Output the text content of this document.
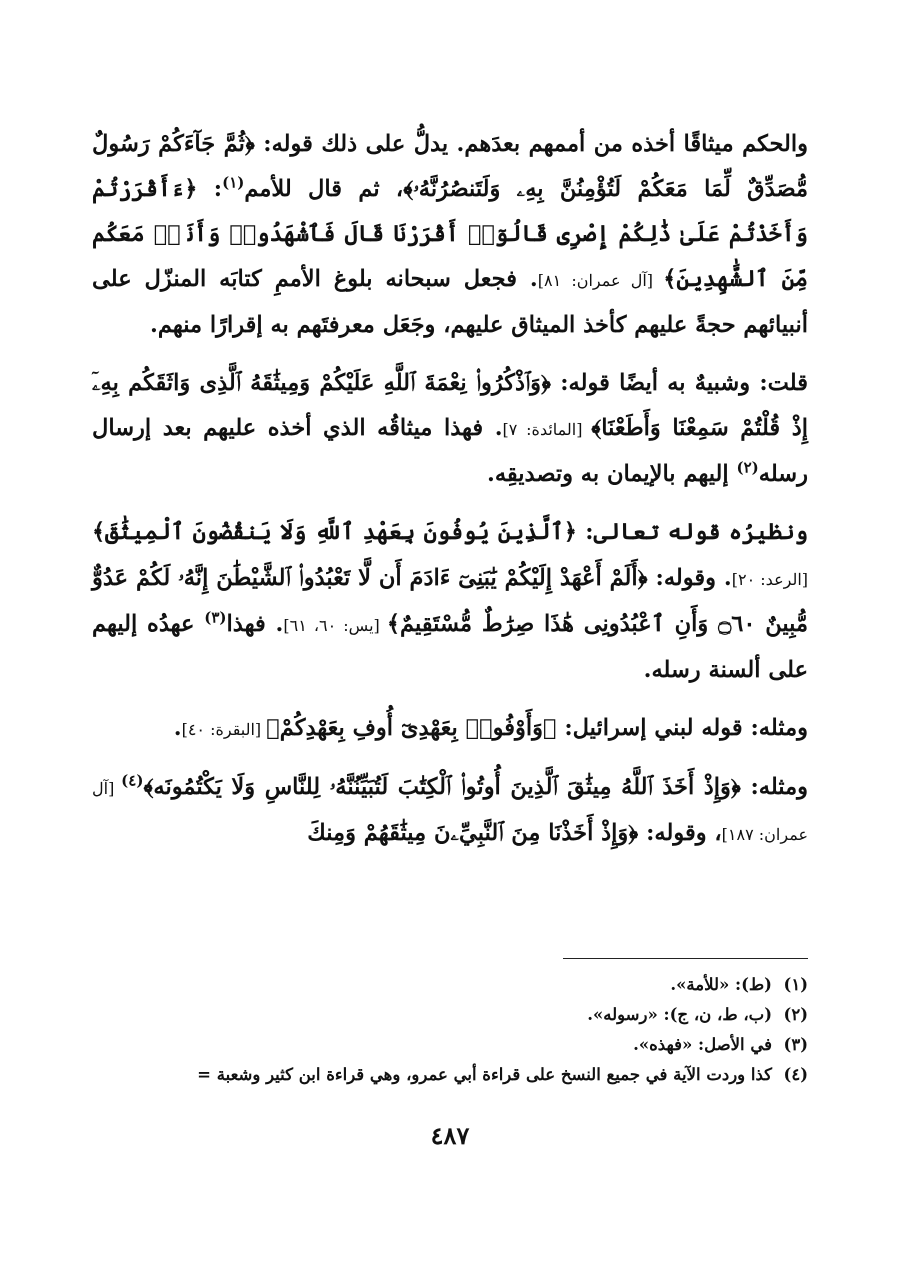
والحكم ميثاقًا أخذه من أممهم بعدَهم. يدلُّ على ذلك قوله: ﴿ثُمَّ جَآءَكُمْ رَسُولٌ مُّصَدِّقٌ لِّمَا مَعَكُمْ لَتُؤْمِنُنَّ بِهِۦ وَلَتَنصُرُنَّهُۥ﴾، ثم قال للأمم$^{(١)}$: ﴿ءَأَقْرَرْتُمْ وَأَخَذْتُمْ عَلَىٰ ذَٰلِكُمْ إِصْرِى قَالُوٓا۟ أَقْرَرْنَا قَالَ فَٱشْهَدُوا۟ وَأَنَا۠ مَعَكُم مِّنَ ٱلشَّٰهِدِينَ﴾ [آل عمران: ٨١]. فجعل سبحانه بلوغ الأممِ كتابَه المنزّل على أنبيائهم حجةً عليهم كأخذ الميثاق عليهم، وجَعَل معرفتَهم به إقرارًا منهم.

قلت: وشبيهٌ به أيضًا قوله: ﴿وَٱذْكُرُوا۟ نِعْمَةَ ٱللَّهِ عَلَيْكُمْ وَمِيثَٰقَهُ ٱلَّذِى وَاثَقَكُم بِهِۦٓ إِذْ قُلْتُمْ سَمِعْنَا وَأَطَعْنَا﴾ [المائدة: ٧]. فهذا ميثاقُه الذي أخذه عليهم بعد إرسال رسله$^{(٢)}$ إليهم بالإيمان به وتصديقِه.

ونظيرُه قوله تعالى: ﴿ٱلَّذِينَ يُوفُونَ بِعَهْدِ ٱللَّهِ وَلَا يَنقُضُونَ ٱلْمِيثَٰقَ﴾ [الرعد: ٢٠]. وقوله: ﴿أَلَمْ أَعْهَدْ إِلَيْكُمْ يَٰبَنِىٓ ءَادَمَ أَن لَّا تَعْبُدُوا۟ ٱلشَّيْطَٰنَ إِنَّهُۥ لَكُمْ عَدُوٌّ مُّبِينٌ ۝٦٠ وَأَنِ ٱعْبُدُونِى هَٰذَا صِرَٰطٌ مُّسْتَقِيمٌ﴾ [يس: ٦٠، ٦١]. فهذا$^{(٣)}$ عهدُه إليهم على ألسنة رسله.

ومثله: قوله لبني إسرائيل: ﴿وَأَوْفُوا۟ بِعَهْدِىٓ أُوفِ بِعَهْدِكُمْ﴾ [البقرة: ٤٠].

ومثله: ﴿وَإِذْ أَخَذَ ٱللَّهُ مِيثَٰقَ ٱلَّذِينَ أُوتُوا۟ ٱلْكِتَٰبَ لَتُبَيِّنُنَّهُۥ لِلنَّاسِ وَلَا يَكْتُمُونَه﴾$^{(٤)}$ [آل عمران: ١٨٧]، وقوله: ﴿وَإِذْ أَخَذْنَا مِنَ ٱلنَّبِيِّۦنَ مِيثَٰقَهُمْ وَمِنكَ

(١)(ط): «للأمة».
(٢)(ب، ط، ن، ج): «رسوله».
(٣)في الأصل: «فهذه».
(٤)كذا وردت الآية في جميع النسخ على قراءة أبي عمرو، وهي قراءة ابن كثير وشعبة =
٤٨٧
